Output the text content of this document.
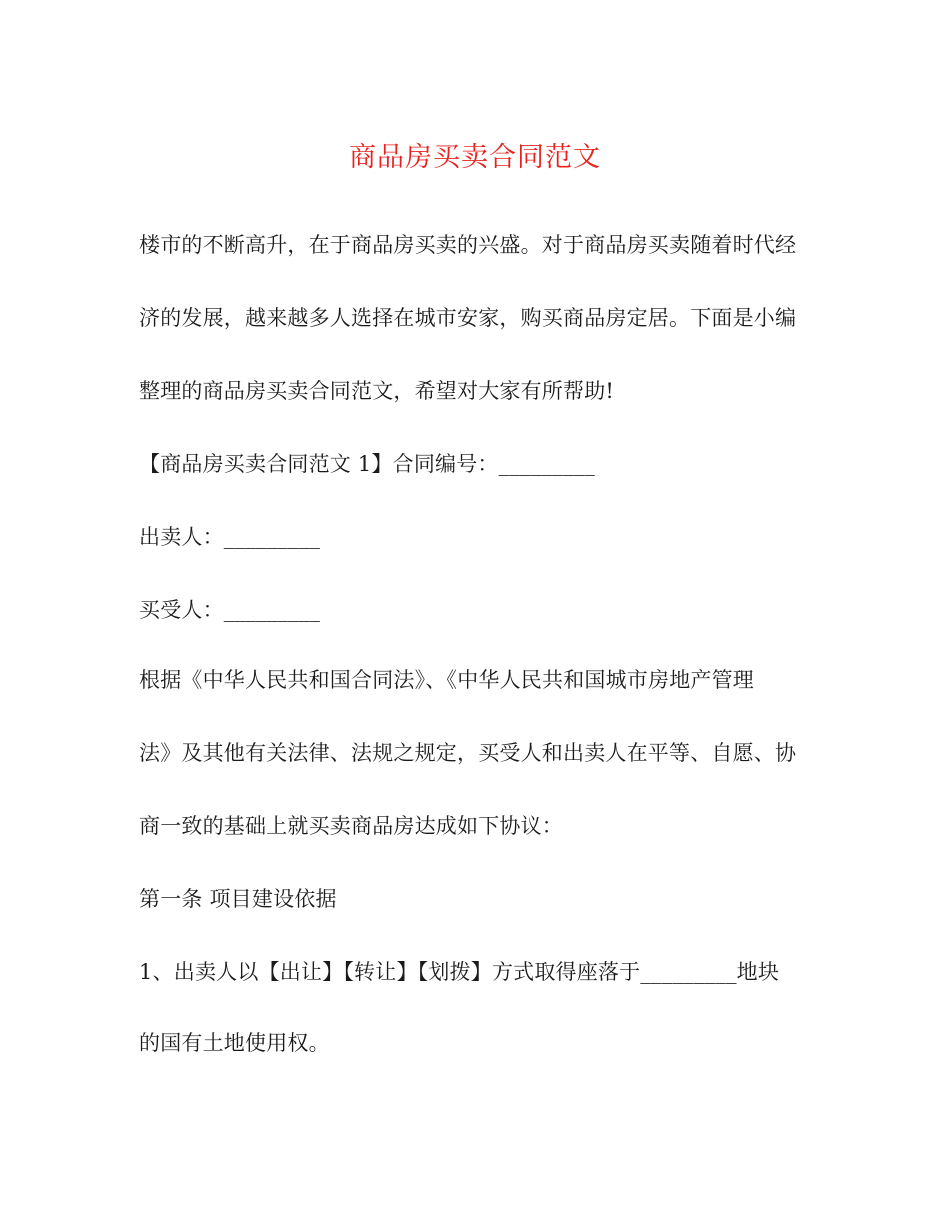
商品房买卖合同范文
楼市的不断高升，在于商品房买卖的兴盛。对于商品房买卖随着时代经
济的发展，越来越多人选择在城市安家，购买商品房定居。下面是小编
整理的商品房买卖合同范文，希望对大家有所帮助!
【商品房买卖合同范文 1】合同编号：_________
出卖人：_________
买受人：_________
根据《中华人民共和国合同法》、《中华人民共和国城市房地产管理
法》及其他有关法律、法规之规定，买受人和出卖人在平等、自愿、协
商一致的基础上就买卖商品房达成如下协议：
第一条 项目建设依据
1、出卖人以【出让】【转让】【划拨】方式取得座落于_________地块
的国有土地使用权。
